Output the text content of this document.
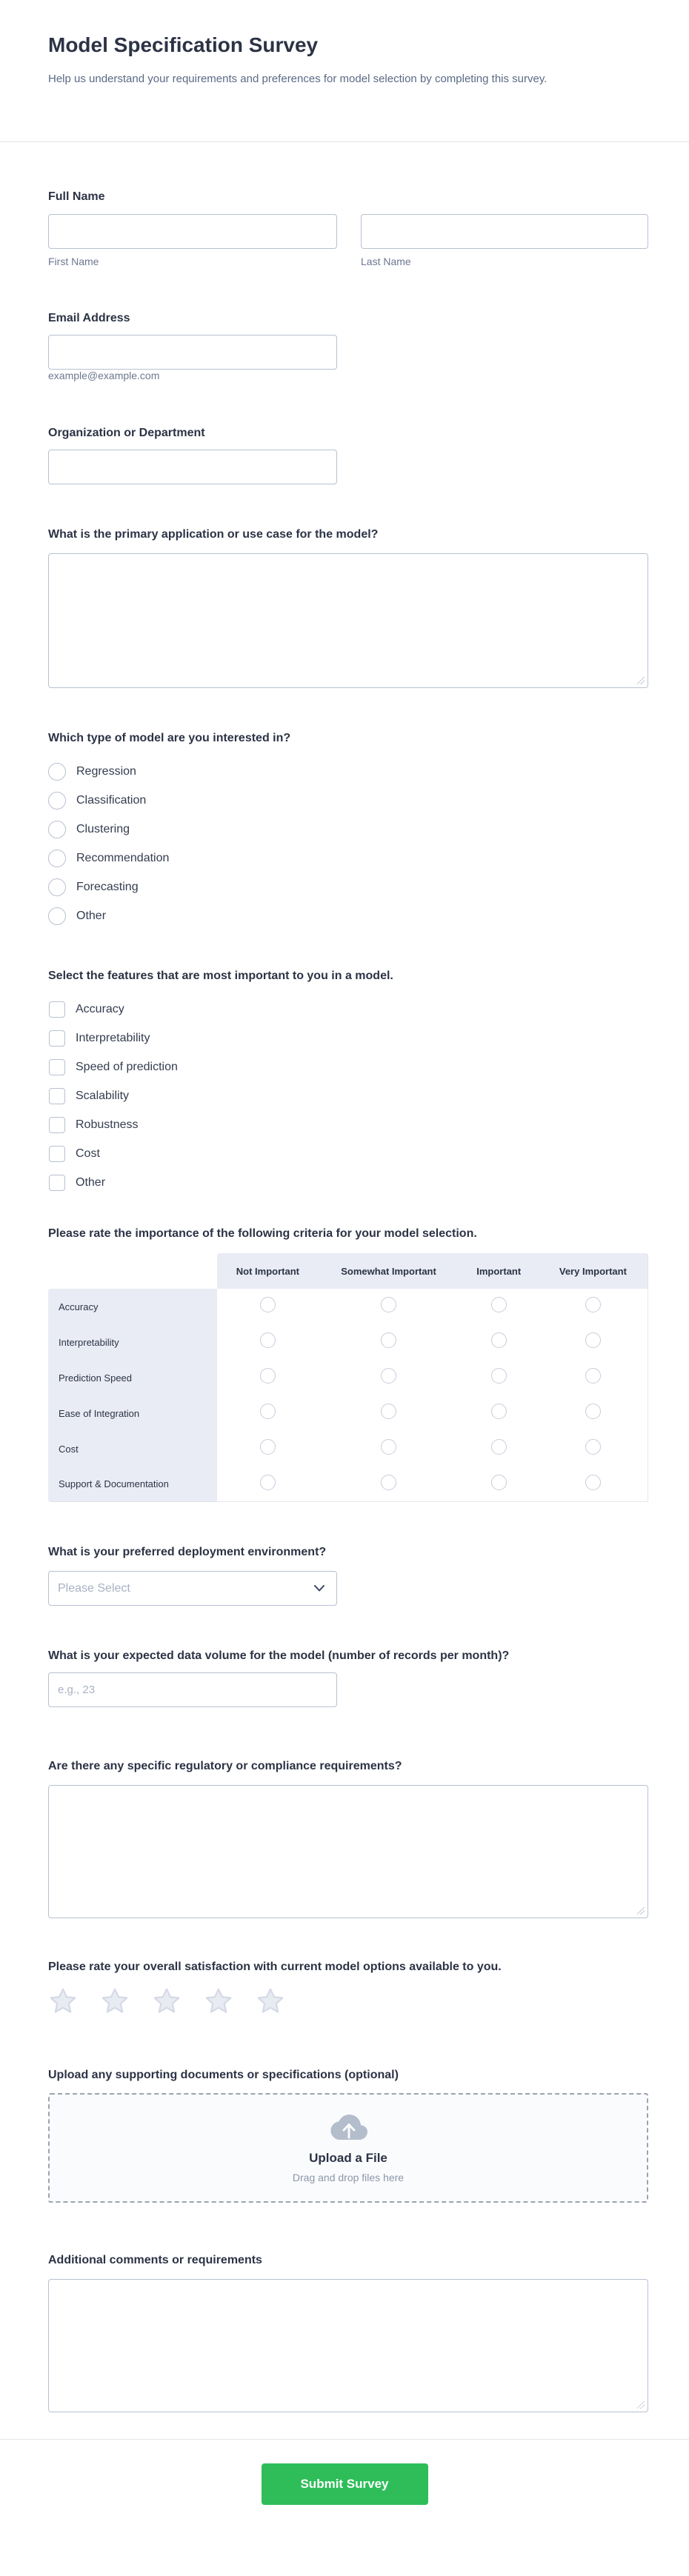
Model Specification Survey

Help us understand your requirements and preferences for model selection by completing this survey.

Full Name
First Name	Last Name
Email Address

example@example.com
Organization or Department
What is the primary application or use case for the model?
Which type of model are you interested in?
Regression
Classification
Clustering
Recommendation
Forecasting
Other
Select the features that are most important to you in a model.
Accuracy
Interpretability
Speed of prediction
Scalability
Robustness
Cost
Other
Please rate the importance of the following criteria for your model selection.
	Not Important	Somewhat Important	Important	Very Important
Accuracy				
Interpretability				
Prediction Speed				
Ease of Integration				
Cost				
Support & Documentation				
What is your preferred deployment environment?
Please Select
What is your expected data volume for the model (number of records per month)?
e.g., 23
Are there any specific regulatory or compliance requirements?
Please rate your overall satisfaction with current model options available to you.
Upload any supporting documents or specifications (optional)
Upload a File
Drag and drop files here
Additional comments or requirements
Submit Survey
